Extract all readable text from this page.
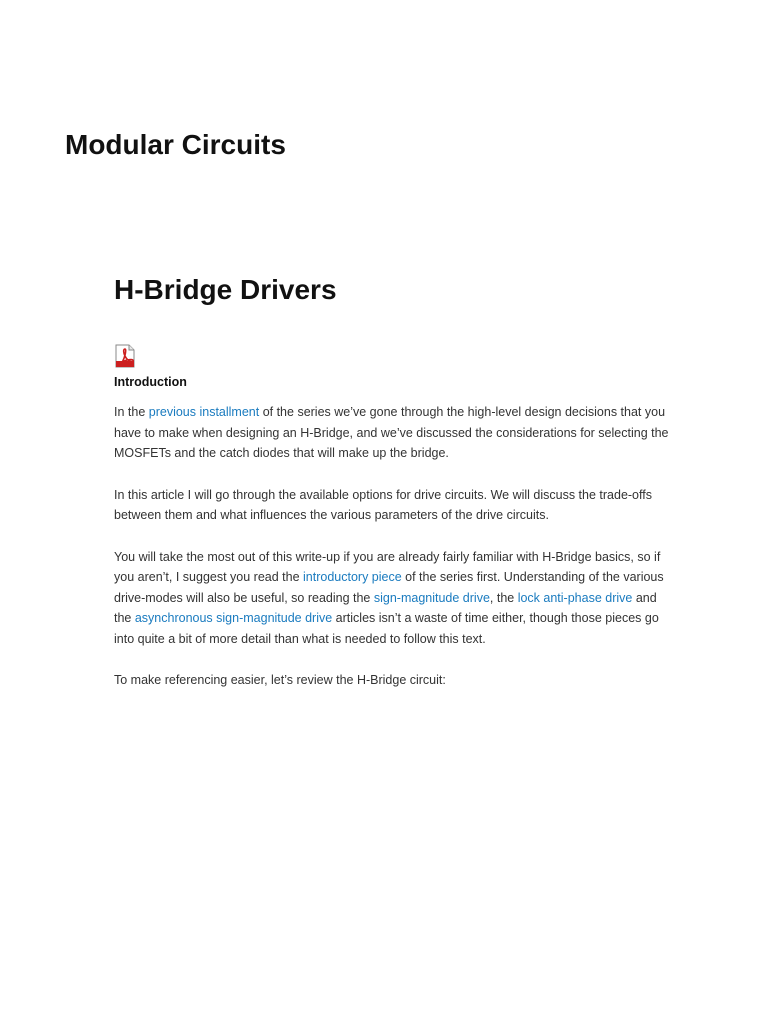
Modular Circuits
H-Bridge Drivers
Introduction

In the previous installment of the series we’ve gone through the high-level design decisions that you have to make when designing an H-Bridge, and we’ve discussed the considerations for selecting the MOSFETs and the catch diodes that will make up the bridge.

In this article I will go through the available options for drive circuits. We will discuss the trade-offs between them and what influences the various parameters of the drive circuits.

You will take the most out of this write-up if you are already fairly familiar with H-Bridge basics, so if you aren’t, I suggest you read the introductory piece of the series first. Understanding of the various drive-modes will also be useful, so reading the sign-magnitude drive, the lock anti-phase drive and the asynchronous sign-magnitude drive articles isn’t a waste of time either, though those pieces go into quite a bit of more detail than what is needed to follow this text.

To make referencing easier, let’s review the H-Bridge circuit:
